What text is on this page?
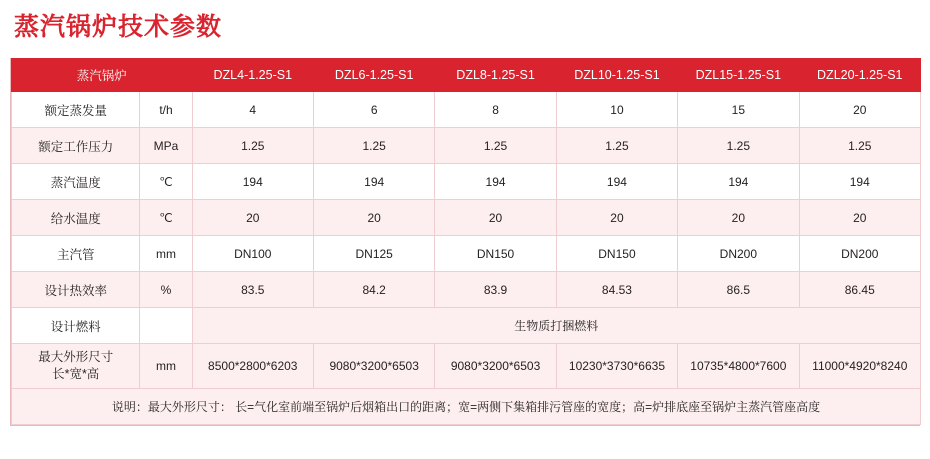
蒸汽锅炉技术参数
蒸汽锅炉		DZL4-1.25-S1	DZL6-1.25-S1	DZL8-1.25-S1	DZL10-1.25-S1	DZL15-1.25-S1	DZL20-1.25-S1
额定蒸发量	t/h	4	6	8	10	15	20
额定工作压力	MPa	1.25	1.25	1.25	1.25	1.25	1.25
蒸汽温度	℃	194	194	194	194	194	194
给水温度	℃	20	20	20	20	20	20
主汽管	mm	DN100	DN125	DN150	DN150	DN200	DN200
设计热效率	%	83.5	84.2	83.9	84.53	86.5	86.45
设计燃料		生物质打捆燃料					

最大外形尺寸
长*宽*高	mm	8500*2800*6203	9080*3200*6503	9080*3200*6503	10230*3730*6635	10735*4800*7600	11000*4920*8240
说明：最大外形尺寸： 长=气化室前端至锅炉后烟箱出口的距离；宽=两侧下集箱排污管座的宽度；高=炉排底座至锅炉主蒸汽管座高度							
